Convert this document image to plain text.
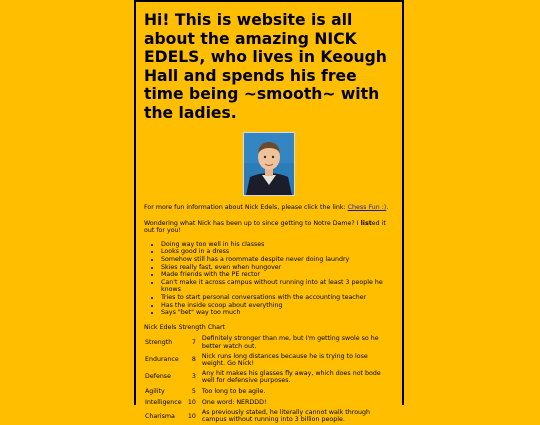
Hi! This is website is all about the amazing NICK EDELS, who lives in Keough Hall and spends his free time being ~smooth~ with the ladies.

For more fun information about Nick Edels, please click the link: Chess Fun :).

Wondering what Nick has been up to since getting to Notre Dame? I listed it out for you!

• Doing way too well in his classes
• Looks good in a dress
• Somehow still has a roommate despite never doing laundry
• Skies really fast, even when hungover
• Made friends with the PE rector
• Can't make it across campus without running into at least 3 people he knows
• Tries to start personal conversations with the accounting teacher
• Has the inside scoop about everything
• Says "bet" way too much

Nick Edels Strength Chart

Strength	7	Definitely stronger than me, but I'm getting swole so he better watch out.
Endurance	8	Nick runs long distances because he is trying to lose weight. Go Nick!
Defense	3	Any hit makes his glasses fly away, which does not bode well for defensive purposes.
Agility	5	Too long to be agile.
Intelligence	10	One word: NERDDD!
Charisma	10	As previously stated, he literally cannot walk through campus without running into 3 billion people.
